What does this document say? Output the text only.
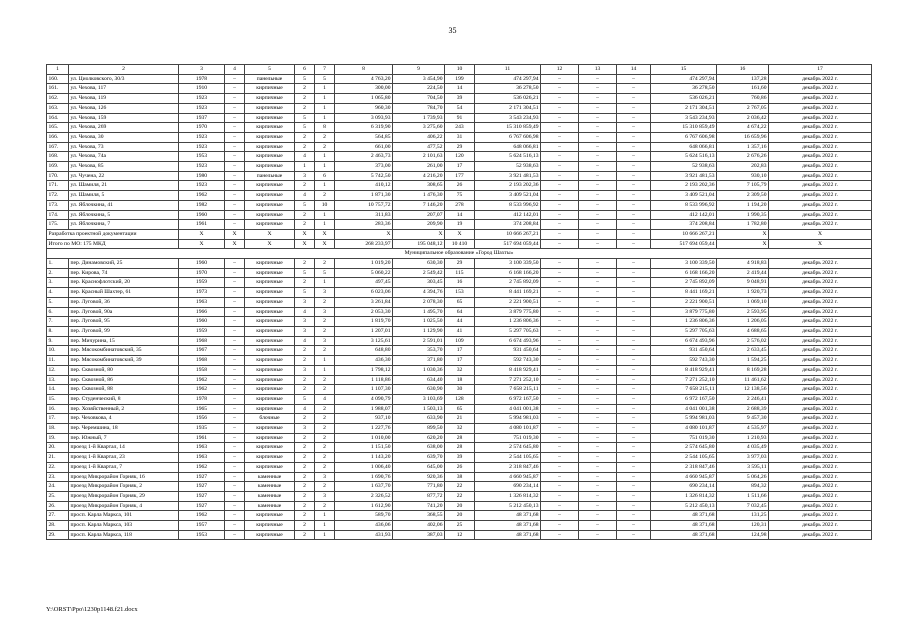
35
1	2	3	4	5	6	7	8	9	10	11	12	13	14	15	16	17
160.	ул. Циолковского, 30/3	1978	–	панельные	5	5	4 763,20	3 454,90	199	474 297,94	–	–	–	474 297,94	137,28	декабрь 2022 г.
161.	ул. Чехова, 117	1910	–	кирпичные	2	1	300,00	224,50	14	36 278,50	–	–	–	36 278,50	161,60	декабрь 2022 г.
162.	ул. Чехова, 119	1923	–	кирпичные	2	1	1 065,80	704,50	39	536 026,21	–	–	–	536 026,21	760,86	декабрь 2022 г.
163.	ул. Чехова, 126	1923	–	кирпичные	2	1	960,30	784,70	54	2 171 304,51	–	–	–	2 171 304,51	2 767,05	декабрь 2022 г.
164.	ул. Чехова, 159	1937	–	кирпичные	5	1	3 093,93	1 739,93	91	3 543 234,93	–	–	–	3 543 234,93	2 036,42	декабрь 2022 г.
165.	ул. Чехова, 269	1970	–	кирпичные	5	8	6 319,90	3 275,60	243	15 310 859,49	–	–	–	15 310 859,49	4 674,22	декабрь 2022 г.
166.	ул. Чехова, 30	1923	–	кирпичные	2	2	564,85	406,22	31	6 767 606,98	–	–	–	6 767 606,98	16 659,96	декабрь 2022 г.
167.	ул. Чехова, 73	1923	–	кирпичные	2	2	661,00	477,52	29	648 066,81	–	–	–	648 066,81	1 357,16	декабрь 2022 г.
168.	ул. Чехова, 74а	1953	–	кирпичные	4	1	2 463,73	2 101,63	120	5 624 516,13	–	–	–	5 624 516,13	2 676,26	декабрь 2022 г.
169.	ул. Чехова, 85	1923	–	кирпичные	1	1	373,00	261,00	17	52 938,63	–	–	–	52 938,63	202,83	декабрь 2022 г.
170.	ул. Чучена, 22	1980	–	панельные	3	6	5 742,50	4 216,20	177	3 921 481,53	–	–	–	3 921 481,53	930,10	декабрь 2022 г.
171.	ул. Шамиля, 21	1923	–	кирпичные	2	1	410,12	308,65	26	2 193 202,36	–	–	–	2 193 202,36	7 105,79	декабрь 2022 г.
172.	ул. Шамиля, 5	1962	–	кирпичные	4	2	1 871,30	1 476,30	75	3 409 521,04	–	–	–	3 409 521,04	2 309,50	декабрь 2022 г.
173.	ул. Яблочкина, 41	1982	–	кирпичные	5	10	10 757,72	7 146,20	278	8 533 996,92	–	–	–	8 533 996,92	1 194,20	декабрь 2022 г.
174.	ул. Яблочкина, 5	1960	–	кирпичные	2	1	311,83	207,07	14	412 142,01	–	–	–	412 142,01	1 990,35	декабрь 2022 г.
175.	ул. Яблочкина, 7	1961	–	кирпичные	2	1	283,36	209,90	19	374 208,84	–	–	–	374 208,84	1 782,80	декабрь 2022 г.
Разработка проектной документации		X	X	X	X	X	X	X	X	10 666 267,21	–	–	–	10 666 267,21	X	X
Итого по МО: 175 МКД		X	X	X	X	X	268 233,97	195 048,12	10 410	517 694 059,44	–	–	–	517 694 059,44	X	X
Муниципальное образование «Город Шахты»																
1.	пер. Динамовский, 25	1960	–	кирпичные	2	2	1 019,20	630,30	29	3 100 339,50	–	–	–	3 100 339,50	4 918,83	декабрь 2022 г.
2.	пер. Кирова, 74	1970	–	кирпичные	5	5	5 060,22	2 549,42	115	6 168 166,20	–	–	–	6 168 166,20	2 419,44	декабрь 2022 г.
3.	пер. Краснофлотский, 20	1959	–	кирпичные	2	1	497,45	303,45	16	2 745 892,09	–	–	–	2 745 892,09	9 048,91	декабрь 2022 г.
4.	пер. Красный Шахтер, 61	1973	–	кирпичные	5	3	6 023,06	4 394,76	153	8 441 169,21	–	–	–	8 441 169,21	1 920,73	декабрь 2022 г.
5.	пер. Луговой, 36	1963	–	кирпичные	3	2	3 261,84	2 078,30	65	2 221 900,51	–	–	–	2 221 900,51	1 069,10	декабрь 2022 г.
6.	пер. Луговой, 90а	1966	–	кирпичные	4	3	2 053,30	1 495,70	64	3 879 775,80	–	–	–	3 879 775,80	2 593,95	декабрь 2022 г.
7.	пер. Луговой, 95	1960	–	кирпичные	3	2	1 819,70	1 025,50	44	1 236 806,36	–	–	–	1 236 806,36	1 206,05	декабрь 2022 г.
8.	пер. Луговой, 99	1959	–	кирпичные	3	2	1 207,01	1 129,90	41	5 297 705,63	–	–	–	5 297 705,63	4 688,65	декабрь 2022 г.
9.	пер. Мичурина, 15	1968	–	кирпичные	4	3	3 125,61	2 591,01	109	6 674 493,96	–	–	–	6 674 493,96	2 576,02	декабрь 2022 г.
10.	пер. Мясокомбинатовский, 35	1967	–	кирпичные	2	2	648,80	353,70	17	931 450,64	–	–	–	931 450,64	2 633,45	декабрь 2022 г.
11.	пер. Мясокомбинатовский, 39	1968	–	кирпичные	2	1	436,30	371,80	17	592 743,30	–	–	–	592 743,30	1 594,25	декабрь 2022 г.
12.	пер. Сквозной, 80	1958	–	кирпичные	3	1	1 798,12	1 030,36	32	8 418 929,41	–	–	–	8 418 929,41	8 169,28	декабрь 2022 г.
13.	пер. Сквозной, 86	1962	–	кирпичные	2	2	1 118,86	634,40	18	7 271 252,10	–	–	–	7 271 252,10	11 461,62	декабрь 2022 г.
14.	пер. Сквозной, 88	1962	–	кирпичные	2	2	1 107,30	630,90	30	7 658 215,11	–	–	–	7 658 215,11	12 138,56	декабрь 2022 г.
15.	пер. Студенческий, 8	1978	–	кирпичные	5	4	4 090,79	3 103,69	128	6 972 167,50	–	–	–	6 972 167,50	2 246,41	декабрь 2022 г.
16.	пер. Хозяйственный, 2	1965	–	кирпичные	4	2	1 988,07	1 503,13	65	4 041 001,38	–	–	–	4 041 001,38	2 688,39	декабрь 2022 г.
17.	пер. Чеховкова, 4	1956	–	блочные	2	2	937,10	633,90	21	5 994 981,03	–	–	–	5 994 981,03	9 457,30	декабрь 2022 г.
18.	пер. Черемшина, 18	1935	–	кирпичные	3	2	1 227,76	899,50	32	4 080 101,87	–	–	–	4 080 101,87	4 535,97	декабрь 2022 г.
19.	пер. Южный, 7	1961	–	кирпичные	2	2	1 010,00	620,20	28	751 019,30	–	–	–	751 019,30	1 210,93	декабрь 2022 г.
20.	проезд 1-й Квартал, 14	1963	–	кирпичные	2	2	1 151,50	638,00	28	2 574 645,80	–	–	–	2 574 645,80	4 035,49	декабрь 2022 г.
21.	проезд 1-й Квартал, 23	1963	–	кирпичные	2	2	1 143,20	639,70	39	2 544 105,65	–	–	–	2 544 105,65	3 977,03	декабрь 2022 г.
22.	проезд 1-й Квартал, 7	1962	–	кирпичные	2	2	1 006,40	645,00	26	2 318 847,46	–	–	–	2 318 847,46	3 595,11	декабрь 2022 г.
23.	проезд Микрорайон Горняк, 16	1927	–	каменные	2	3	1 690,76	920,36	38	4 660 945,87	–	–	–	4 660 945,87	5 064,26	декабрь 2022 г.
24.	проезд Микрорайон Горняк, 2	1927	–	каменные	2	2	1 637,70	771,80	22	690 234,14	–	–	–	690 234,14	894,32	декабрь 2022 г.
25.	проезд Микрорайон Горняк, 29	1927	–	каменные	2	3	2 326,52	877,72	22	1 326 814,32	–	–	–	1 326 814,32	1 511,66	декабрь 2022 г.
26.	проезд Микрорайон Горняк, 4	1927	–	каменные	2	2	1 612,90	741,20	20	5 212 450,13	–	–	–	5 212 450,13	7 032,45	декабрь 2022 г.
27.	просп. Карла Маркса, 101	1962	–	кирпичные	2	1	589,70	368,55	20	48 371,68	–	–	–	48 371,68	131,25	декабрь 2022 г.
28.	просп. Карла Маркса, 103	1957	–	кирпичные	2	1	436,06	402,06	25	48 371,68	–	–	–	48 371,68	120,31	декабрь 2022 г.
29.	просп. Карла Маркса, 118	1953	–	кирпичные	2	1	431,93	387,03	12	48 371,68	–	–	–	48 371,68	124,98	декабрь 2022 г.
Y:\ORST\Ppo\1230p1148.f21.docx
